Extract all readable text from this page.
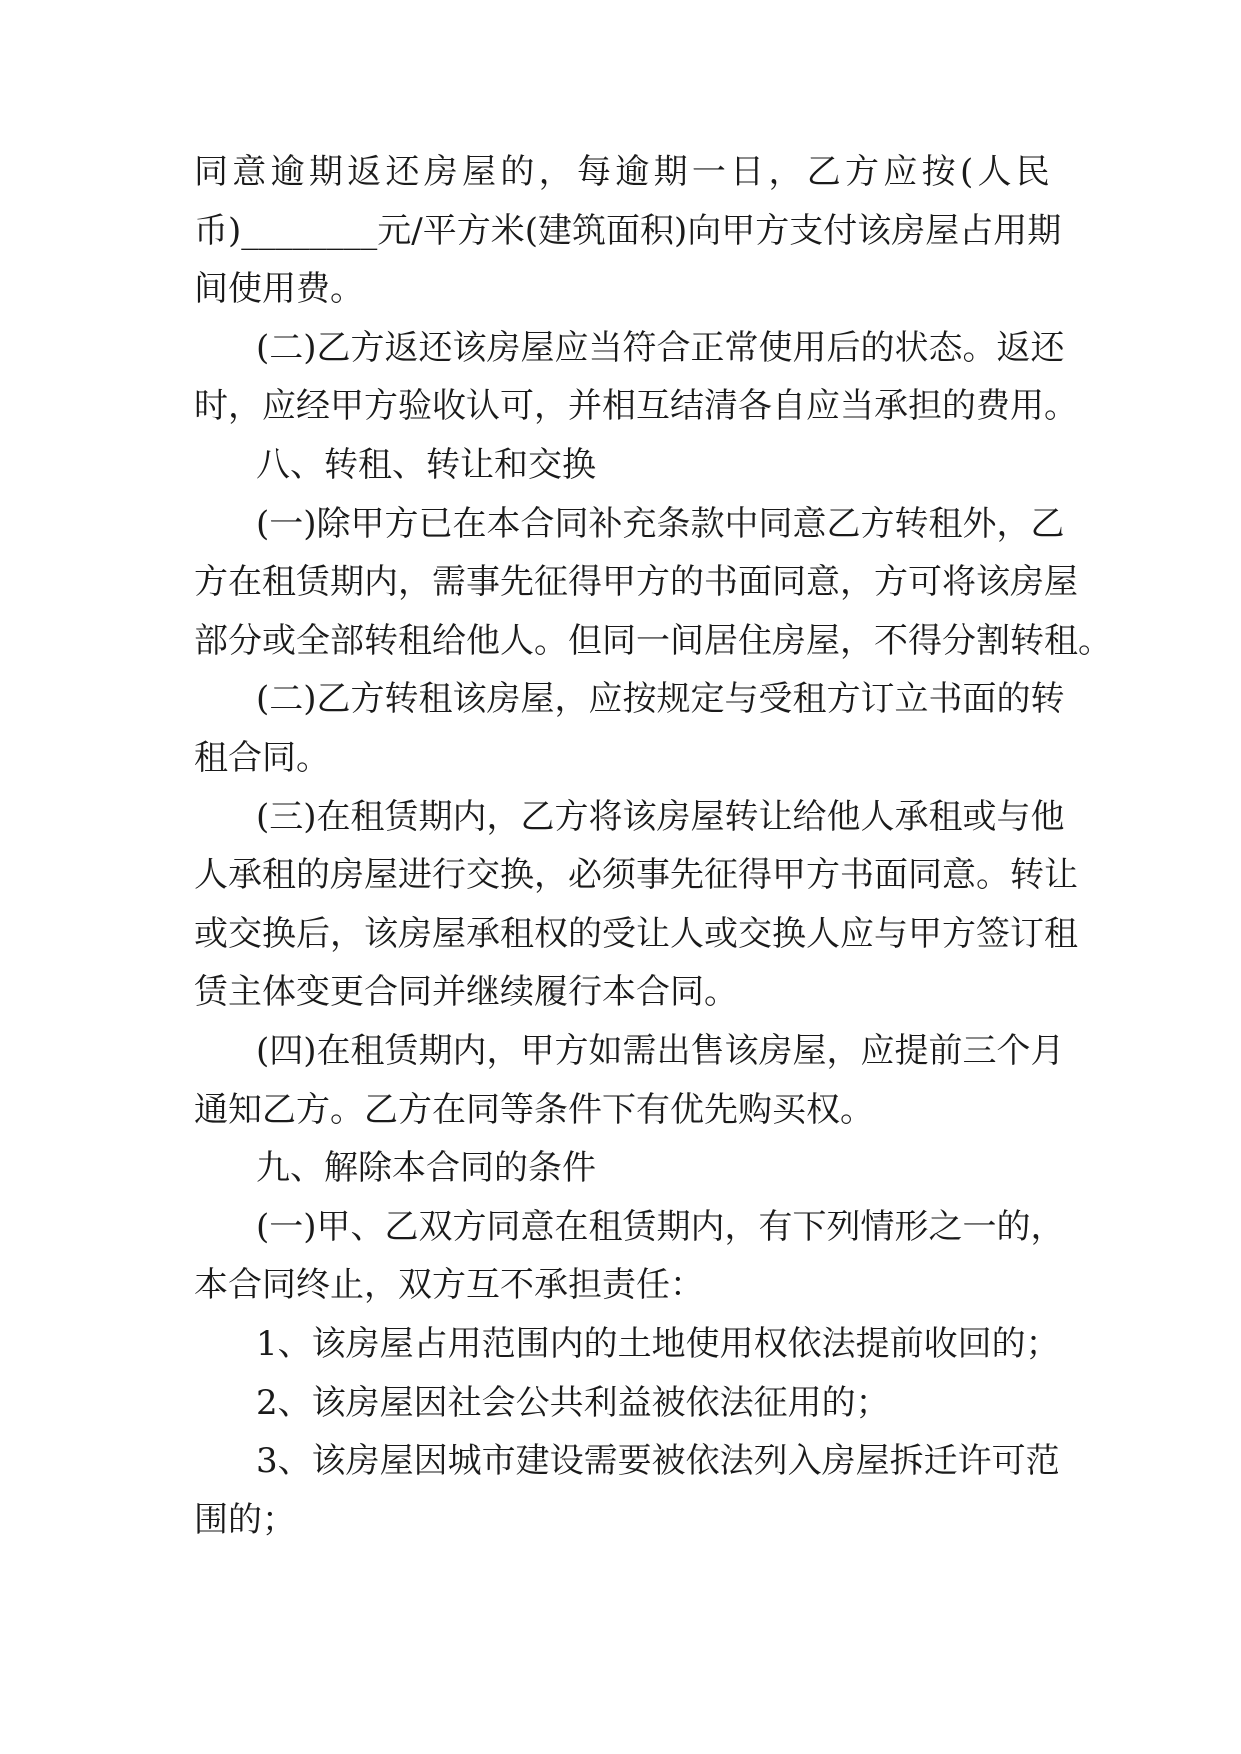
同 意 逾 期 返 还 房 屋 的 ， 每 逾 期 一 日 ， 乙 方 应 按 ( 人 民
币 ) ________ 元 / 平 方 米 ( 建 筑 面 积 ) 向 甲 方 支 付 该 房 屋 占 用 期
间使用费。
( 二 ) 乙 方 返 还 该 房 屋 应 当 符 合 正 常 使 用 后 的 状 态 。 返 还
时 ， 应 经 甲 方 验 收 认 可 ， 并 相 互 结 清 各 自 应 当 承 担 的 费 用 。
八、转租、转让和交换
( 一 ) 除 甲 方 已 在 本 合 同 补 充 条 款 中 同 意 乙 方 转 租 外 ， 乙
方 在 租 赁 期 内 ， 需 事 先 征 得 甲 方 的 书 面 同 意 ， 方 可 将 该 房 屋
部 分 或 全 部 转 租 给 他 人 。 但 同 一 间 居 住 房 屋 ， 不 得 分 割 转 租 。
( 二 ) 乙 方 转 租 该 房 屋 ， 应 按 规 定 与 受 租 方 订 立 书 面 的 转
租合同。
( 三 ) 在 租 赁 期 内 ， 乙 方 将 该 房 屋 转 让 给 他 人 承 租 或 与 他
人 承 租 的 房 屋 进 行 交 换 ， 必 须 事 先 征 得 甲 方 书 面 同 意 。 转 让
或 交 换 后 ， 该 房 屋 承 租 权 的 受 让 人 或 交 换 人 应 与 甲 方 签 订 租
赁主体变更合同并继续履行本合同。
( 四 ) 在 租 赁 期 内 ， 甲 方 如 需 出 售 该 房 屋 ， 应 提 前 三 个 月
通知乙方。乙方在同等条件下有优先购买权。
九、解除本合同的条件
( 一 ) 甲 、 乙 双 方 同 意 在 租 赁 期 内 ， 有 下 列 情 形 之 一 的 ，
本合同终止，双方互不承担责任：
1、该房屋占用范围内的土地使用权依法提前收回的；
2、该房屋因社会公共利益被依法征用的；
3 、 该 房 屋 因 城 市 建 设 需 要 被 依 法 列 入 房 屋 拆 迁 许 可 范
围的；
